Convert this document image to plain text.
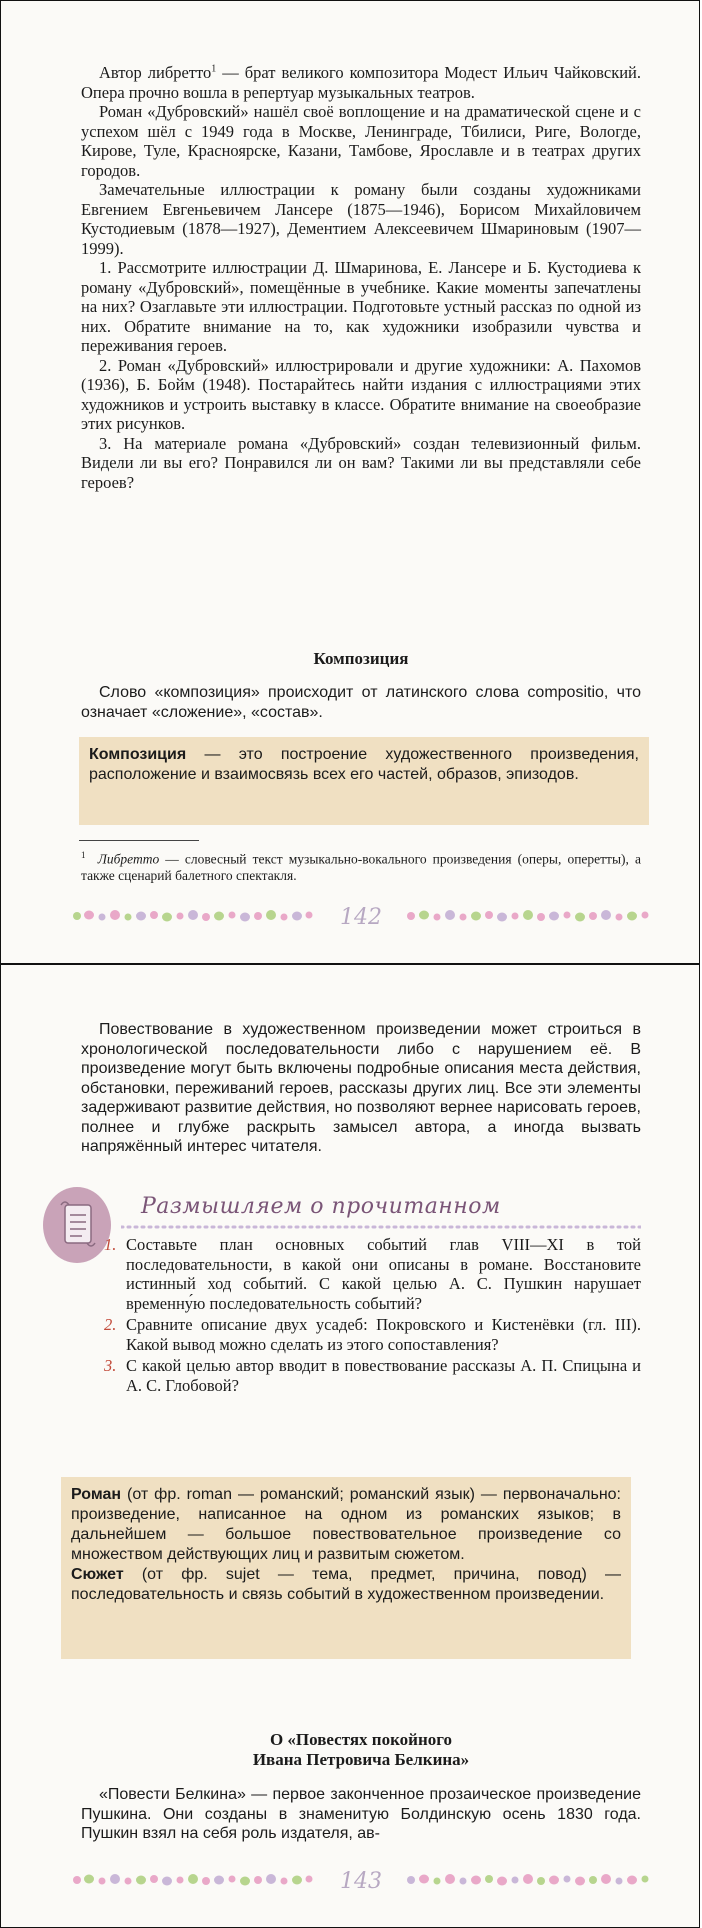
Автор либретто$^1$ — брат великого композитора Модест Ильич Чайковский. Опера прочно вошла в репертуар музыкальных театров.

Роман «Дубровский» нашёл своё воплощение и на драматической сцене и с успехом шёл с 1949 года в Москве, Ленинграде, Тбилиси, Риге, Вологде, Кирове, Туле, Красноярске, Казани, Тамбове, Ярославле и в театрах других городов.

Замечательные иллюстрации к роману были созданы художниками Евгением Евгеньевичем Лансере (1875—1946), Борисом Михайловичем Кустодиевым (1878—1927), Дементием Алексеевичем Шмариновым (1907—1999).

1. Рассмотрите иллюстрации Д. Шмаринова, Е. Лансере и Б. Кустодиева к роману «Дубровский», помещённые в учебнике. Какие моменты запечатлены на них? Озаглавьте эти иллюстрации. Подготовьте устный рассказ по одной из них. Обратите внимание на то, как художники изобразили чувства и переживания героев.

2. Роман «Дубровский» иллюстрировали и другие художники: А. Пахомов (1936), Б. Бойм (1948). Постарайтесь найти издания с иллюстрациями этих художников и устроить выставку в классе. Обратите внимание на своеобразие этих рисунков.

3. На материале романа «Дубровский» создан телевизионный фильм. Видели ли вы его? Понравился ли он вам? Такими ли вы представляли себе героев?

Композиция

Слово «композиция» происходит от латинского слова compositio, что означает «сложение», «состав».

Композиция — это построение художественного произведения, расположение и взаимосвязь всех его частей, образов, эпизодов.
$^1$ Либретто — словесный текст музыкально-вокального произведения (оперы, оперетты), а также сценарий балетного спектакля.
142

Повествование в художественном произведении может строиться в хронологической последовательности либо с нарушением её. В произведение могут быть включены подробные описания места действия, обстановки, переживаний героев, рассказы других лиц. Все эти элементы задерживают развитие действия, но позволяют вернее нарисовать героев, полнее и глубже раскрыть замысел автора, а иногда вызвать напряжённый интерес читателя.

Размышляем о прочитанном
1. Составьте план основных событий глав VIII—XI в той последовательности, в какой они описаны в романе. Восстановите истинный ход событий. С какой целью А. С. Пушкин нарушает временну́ю последовательность событий?
2. Сравните описание двух усадеб: Покровского и Кистенёвки (гл. III). Какой вывод можно сделать из этого сопоставления?
3. С какой целью автор вводит в повествование рассказы А. П. Спицына и А. С. Глобовой?
Роман (от фр. roman — романский; романский язык) — первоначально: произведение, написанное на одном из романских языков; в дальнейшем — большое повествовательное произведение со множеством действующих лиц и развитым сюжетом.
Сюжет (от фр. sujet — тема, предмет, причина, повод) — последовательность и связь событий в художественном произведении.
О «Повестях покойного
Ивана Петровича Белкина»

«Повести Белкина» — первое законченное прозаическое произведение Пушкина. Они созданы в знаменитую Болдинскую осень 1830 года. Пушкин взял на себя роль издателя, ав-

143
